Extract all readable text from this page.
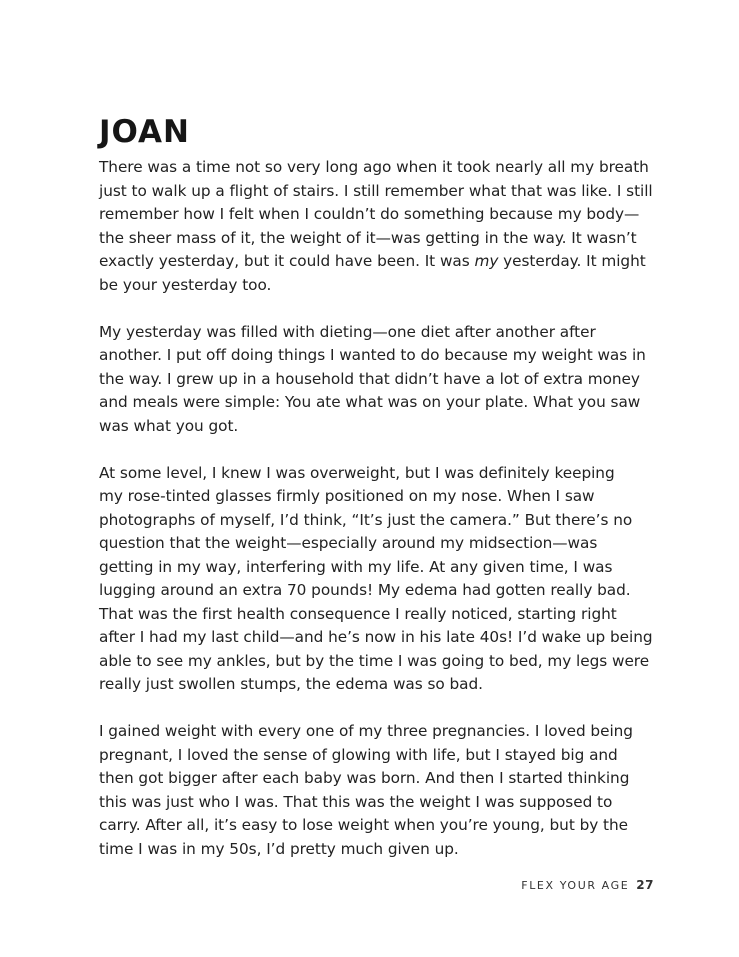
JOAN

There was a time not so very long ago when it took nearly all my breath
just to walk up a flight of stairs. I still remember what that was like. I still
remember how I felt when I couldn’t do something because my body—
the sheer mass of it, the weight of it—was getting in the way. It wasn’t
exactly yesterday, but it could have been. It was my yesterday. It might
be your yesterday too.

My yesterday was filled with dieting—one diet after another after
another. I put off doing things I wanted to do because my weight was in
the way. I grew up in a household that didn’t have a lot of extra money
and meals were simple: You ate what was on your plate. What you saw
was what you got.

At some level, I knew I was overweight, but I was definitely keeping
my rose-tinted glasses firmly positioned on my nose. When I saw
photographs of myself, I’d think, “It’s just the camera.” But there’s no
question that the weight—especially around my midsection—was
getting in my way, interfering with my life. At any given time, I was
lugging around an extra 70 pounds! My edema had gotten really bad.
That was the first health consequence I really noticed, starting right
after I had my last child—and he’s now in his late 40s! I’d wake up being
able to see my ankles, but by the time I was going to bed, my legs were
really just swollen stumps, the edema was so bad.

I gained weight with every one of my three pregnancies. I loved being
pregnant, I loved the sense of glowing with life, but I stayed big and
then got bigger after each baby was born. And then I started thinking
this was just who I was. That this was the weight I was supposed to
carry. After all, it’s easy to lose weight when you’re young, but by the
time I was in my 50s, I’d pretty much given up.

FLEX YOUR AGE 27
